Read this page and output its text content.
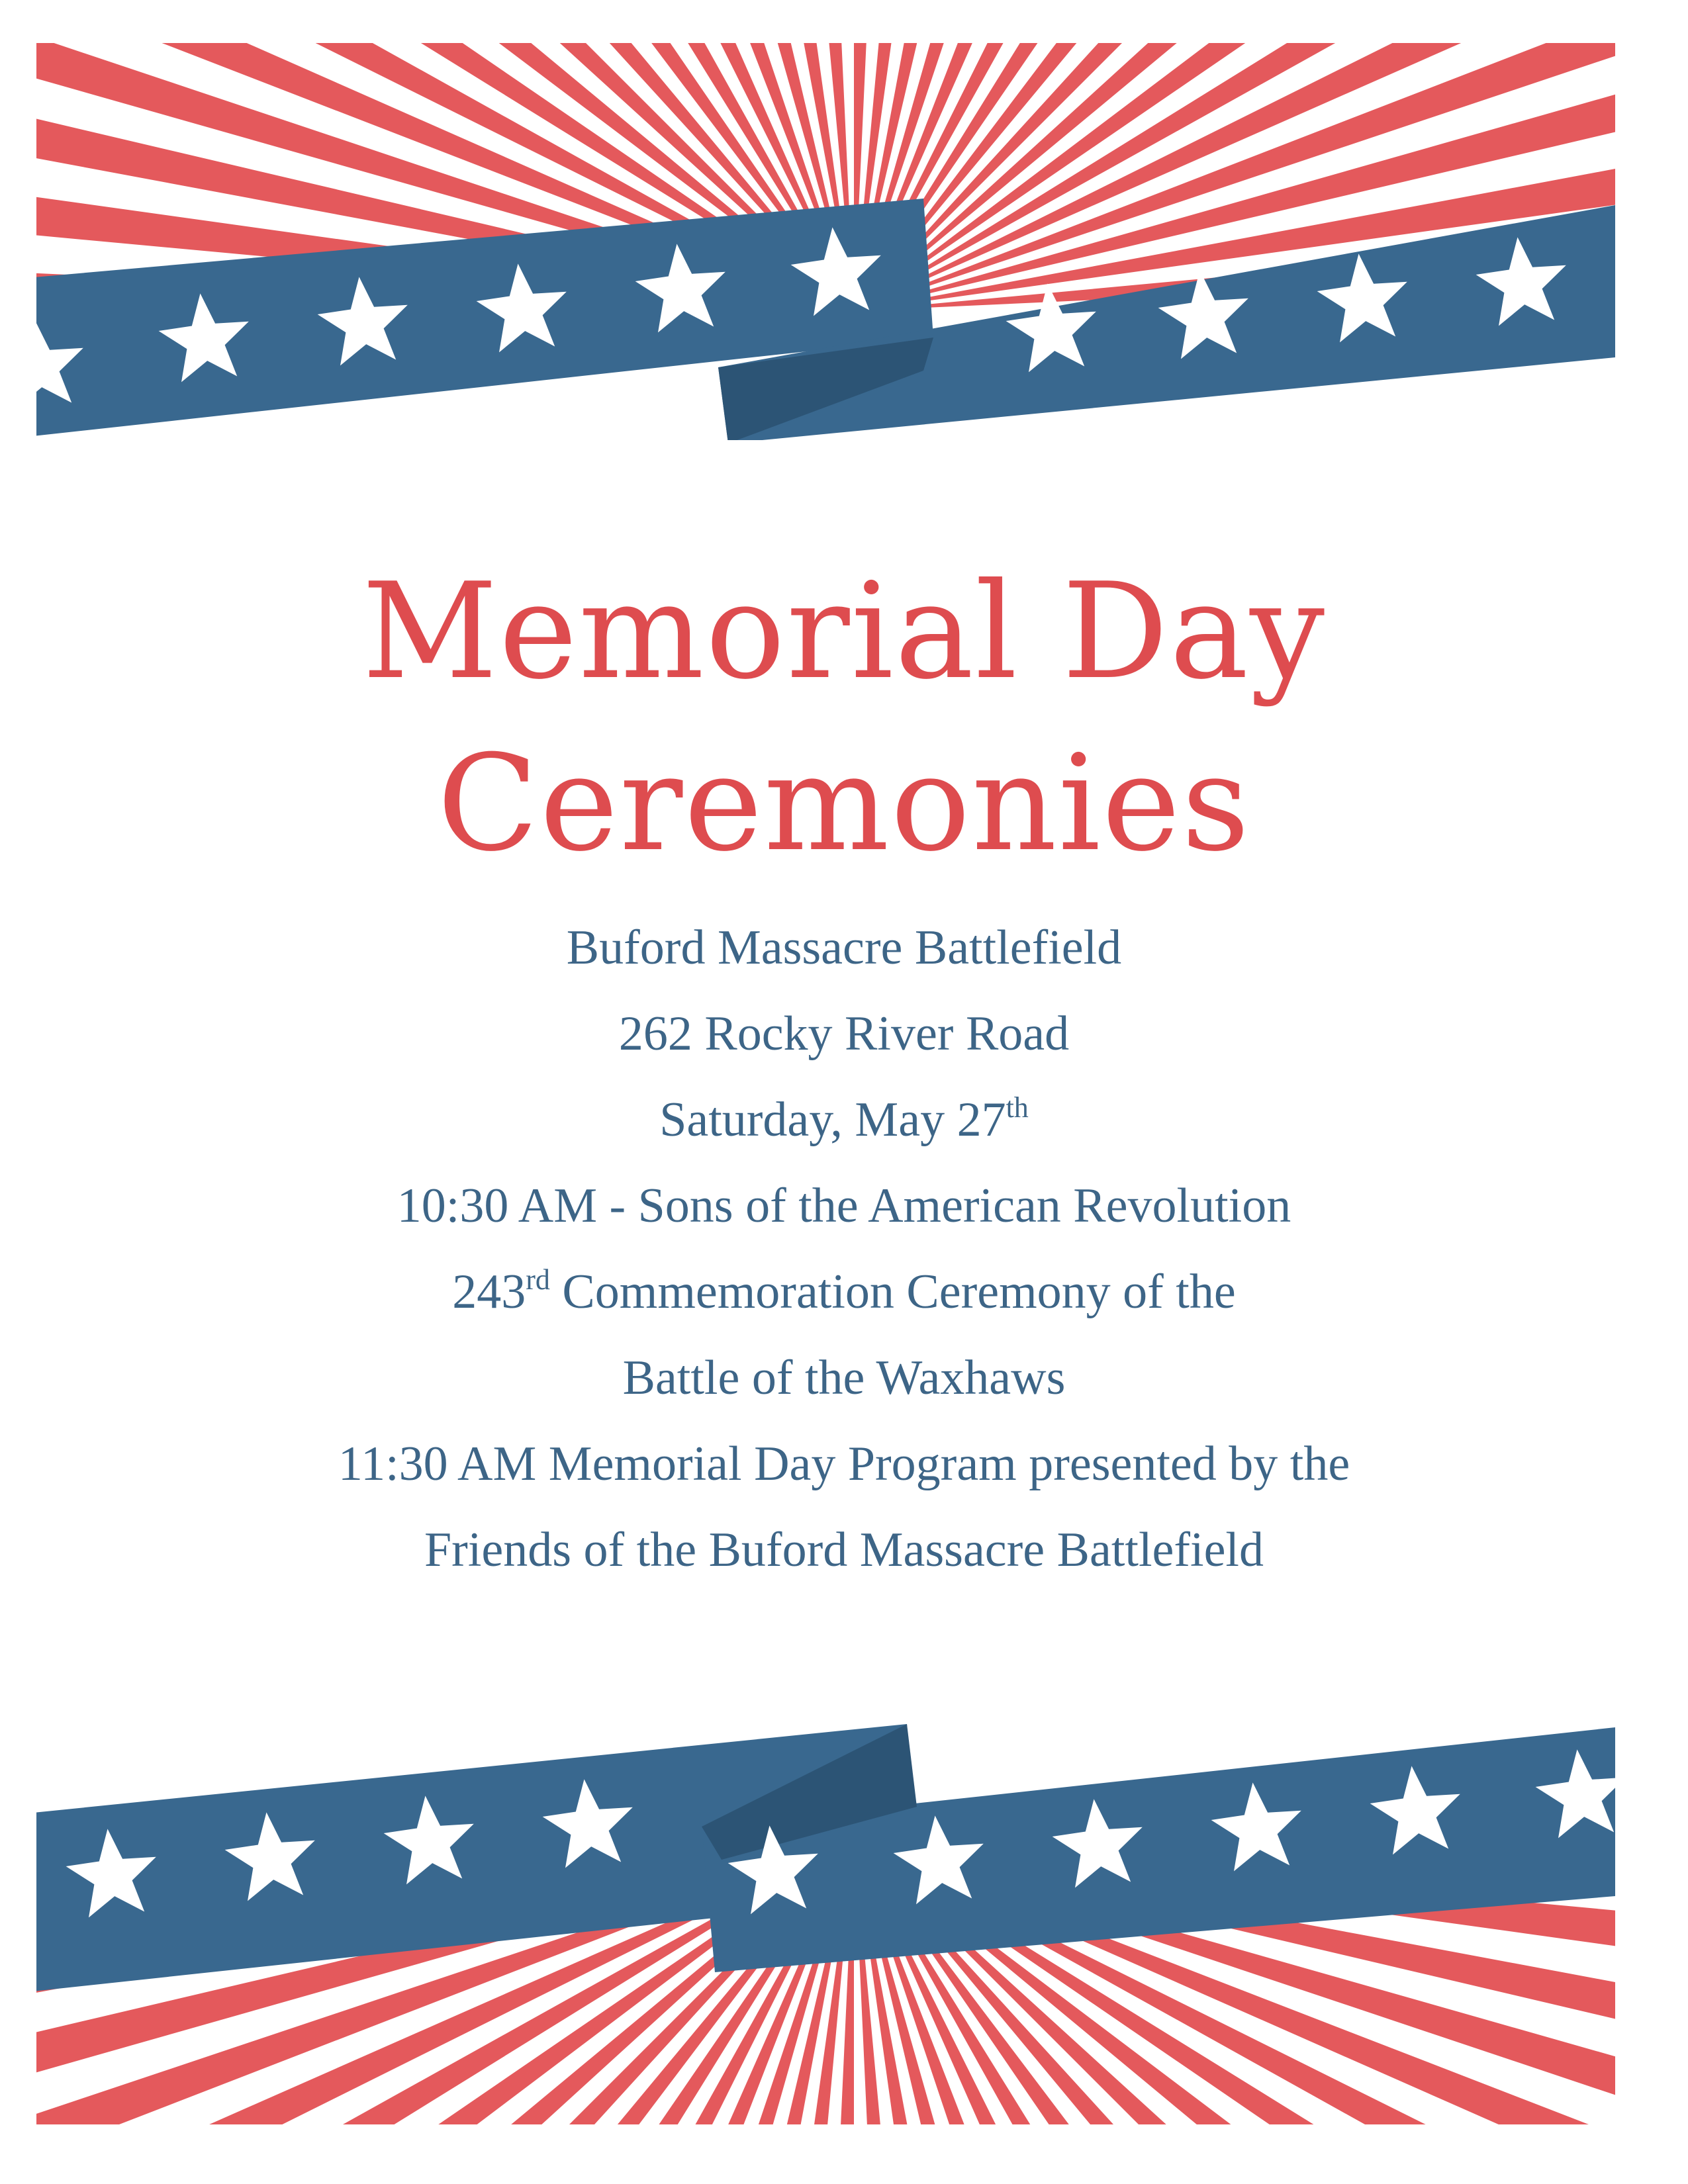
Memorial Day
Ceremonies
Buford Massacre Battlefield
262 Rocky River Road
Saturday, May 27th
10:30 AM - Sons of the American Revolution
243rd Commemoration Ceremony of the
Battle of the Waxhaws
11:30 AM Memorial Day Program presented by the
Friends of the Buford Massacre Battlefield
